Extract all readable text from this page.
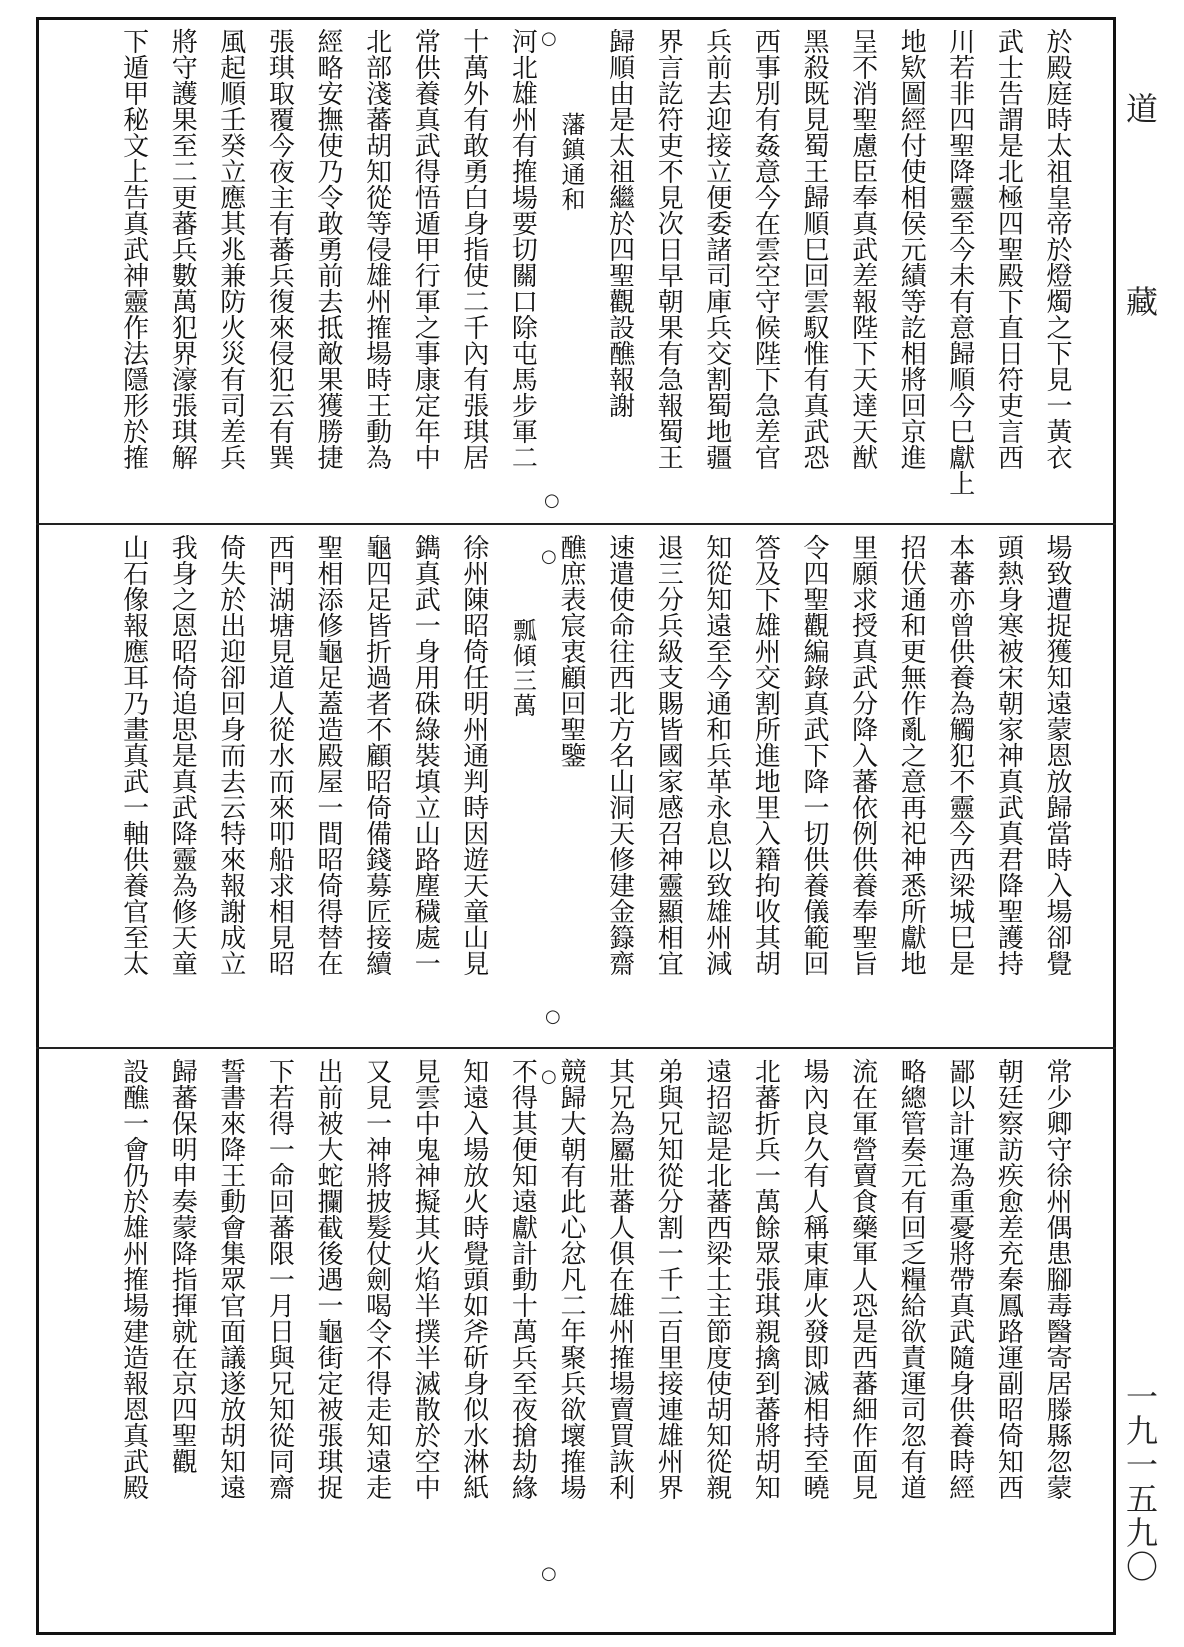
道
藏
一九一五九〇
於殿庭時太祖皇帝於燈燭之下見一黃衣
武士告謂是北極四聖殿下直日符吏言西
川若非四聖降靈至今未有意歸順今巳獻上
地欵圖經付使相侯元績等訖相將回京進
呈不消聖慮臣奉真武差報陛下天達天猷
黑殺既見蜀王歸順巳回雲馭惟有真武恐
西事別有姦意今在雲空守候陛下急差官
兵前去迎接立便委諸司庫兵交割蜀地疆
界言訖符吏不見次日早朝果有急報蜀王
歸順由是太祖繼於四聖觀設醮報謝
藩鎮通和
河北雄州有搉場要切關口除屯馬步軍二
十萬外有敢勇白身指使二千內有張琪居
常供養真武得悟遁甲行軍之事康定年中
北部淺蕃胡知從等侵雄州搉場時王動為
經略安撫使乃令敢勇前去抵敵果獲勝捷
張琪取覆今夜主有蕃兵復來侵犯云有巽
風起順壬癸立應其兆兼防火災有司差兵
將守護果至二更蕃兵數萬犯界濠張琪解
下遁甲秘文上告真武神靈作法隱形於搉
場致遭捉獲知遠蒙恩放歸當時入場卻覺
頭熱身寒被宋朝家神真武真君降聖護持
本蕃亦曾供養為觸犯不靈今西梁城巳是
招伏通和更無作亂之意再祀神悉所獻地
里願求授真武分降入蕃依例供養奉聖旨
令四聖觀編錄真武下降一切供養儀範回
答及下雄州交割所進地里入籍拘收其胡
知從知遠至今通和兵革永息以致雄州減
退三分兵級支賜皆國家感召神靈顯相宜
速遣使命往西北方名山洞天修建金籙齋
醮庶表宸衷顧回聖鑒
瓢傾三萬
徐州陳昭倚任明州通判時因遊天童山見
鐫真武一身用硃綠裝填立山路塵穢處一
龜四足皆折過者不顧昭倚備錢募匠接續
聖相添修龜足蓋造殿屋一間昭倚得替在
西門湖塘見道人從水而來叩船求相見昭
倚失於出迎卻回身而去云特來報謝成立
我身之恩昭倚追思是真武降靈為修天童
山石像報應耳乃畫真武一軸供養官至太
常少卿守徐州偶患腳毒醫寄居滕縣忽蒙
朝廷察訪疾愈差充秦鳳路運副昭倚知西
鄙以計運為重憂將帶真武隨身供養時經
略總管奏元有回乏糧給欲責運司忽有道
流在軍營賣食藥軍人恐是西蕃細作面見
場內良久有人稱東庫火發即滅相持至曉
北蕃折兵一萬餘眾張琪親擒到蕃將胡知
遠招認是北蕃西梁土主節度使胡知從親
弟與兄知從分割一千二百里接連雄州界
其兄為屬壯蕃人俱在雄州搉場賣買詼利
競歸大朝有此心忿凡二年聚兵欲壞搉場
不得其便知遠獻計動十萬兵至夜搶劫緣
知遠入場放火時覺頭如斧斫身似水淋紙
見雲中鬼神擬其火焰半撲半滅散於空中
又見一神將披髮仗劍喝令不得走知遠走
出前被大蛇攔截後遇一龜街定被張琪捉
下若得一命回蕃限一月日與兄知從同齋
誓書來降王動會集眾官面議遂放胡知遠
歸蕃保明申奏蒙降指揮就在京四聖觀
設醮一會仍於雄州搉場建造報恩真武殿
○
○
○
○
○
○
